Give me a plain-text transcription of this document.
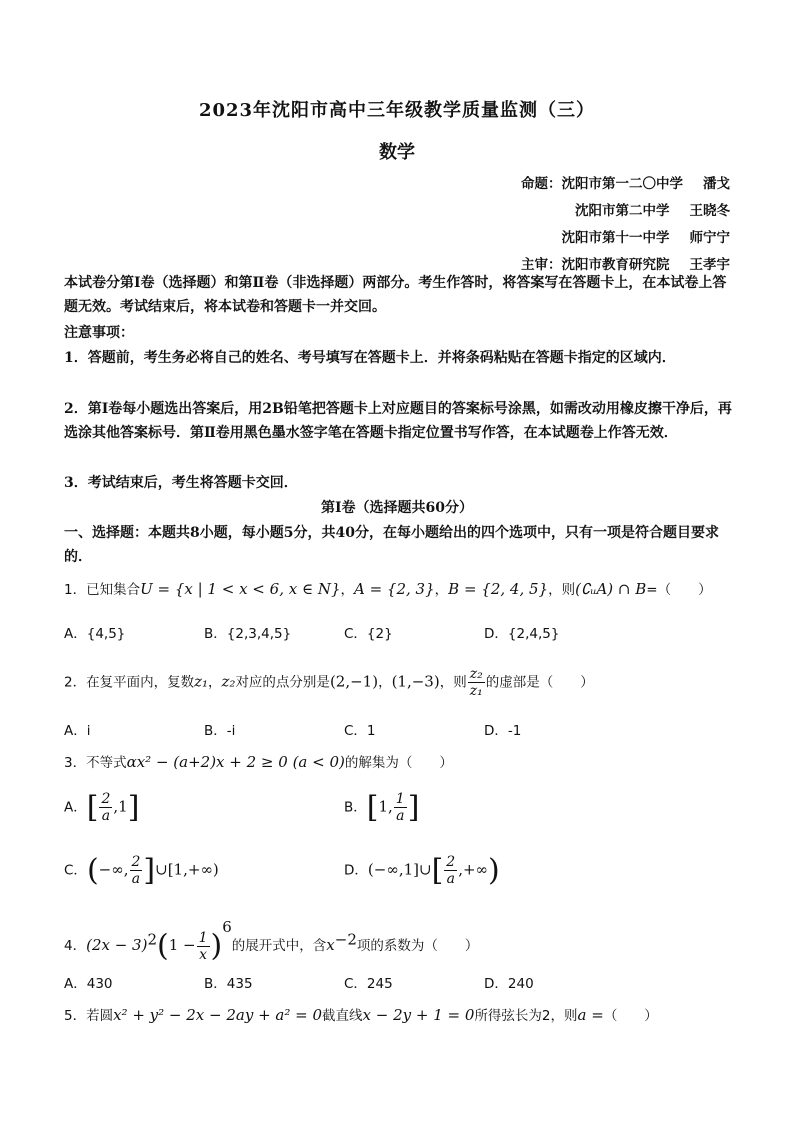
2023年沈阳市高中三年级教学质量监测（三）
数学
命题：沈阳市第一二〇中学 潘戈
沈阳市第二中学 王晓冬
沈阳市第十一中学 师宁宁
主审：沈阳市教育研究院 王孝宇
本试卷分第Ⅰ卷（选择题）和第Ⅱ卷（非选择题）两部分。考生作答时，将答案写在答题卡上，在本试卷上答题无效。考试结束后，将本试卷和答题卡一并交回。
注意事项：
1．答题前，考生务必将自己的姓名、考号填写在答题卡上．并将条码粘贴在答题卡指定的区域内．
2．第Ⅰ卷每小题选出答案后，用2B铅笔把答题卡上对应题目的答案标号涂黑，如需改动用橡皮擦干净后，再选涂其他答案标号．第Ⅱ卷用黑色墨水签字笔在答题卡指定位置书写作答，在本试题卷上作答无效．
3．考试结束后，考生将答题卡交回．
第Ⅰ卷（选择题共60分）
一、选择题：本题共8小题，每小题5分，共40分，在每小题给出的四个选项中，只有一项是符合题目要求的．
1．已知集合U = {x | 1 < x < 6, x ∈ N}，A = {2, 3}，B = {2, 4, 5}，则(∁ᵤA) ∩ B=（　　）
A．{4,5}	B．{2,3,4,5}	C．{2}	D．{2,4,5}
2．在复平面内，复数z₁，z₂对应的点分别是(2,−1)，(1,−3)，则 $\frac{\text{z₂}}{\text{z₁}}$ 的虚部是（　　）
A．i	B．-i	C．1	D．-1
3．不等式αx² − (a+2)x + 2 ≥ 0 (a < 0)的解集为（　　）
A．[ $\frac{2}{a} ,1$]	B．[1, $\frac{1}{a}$ ]
C．(−∞, $\frac{2}{a}$ ]∪[1,+∞)	D．(−∞,1]∪[ $\frac{2}{a}$ ,+∞)
4．$(2x - 3)^2(1 - \frac{1}{x} )^6$的展开式中，含$x^{-2}$项的系数为（　　）
A．430	B．435	C．245	D．240
5．若圆x² + y² − 2x − 2ay + a² = 0截直线x − 2y + 1 = 0所得弦长为2，则a =（　　）
